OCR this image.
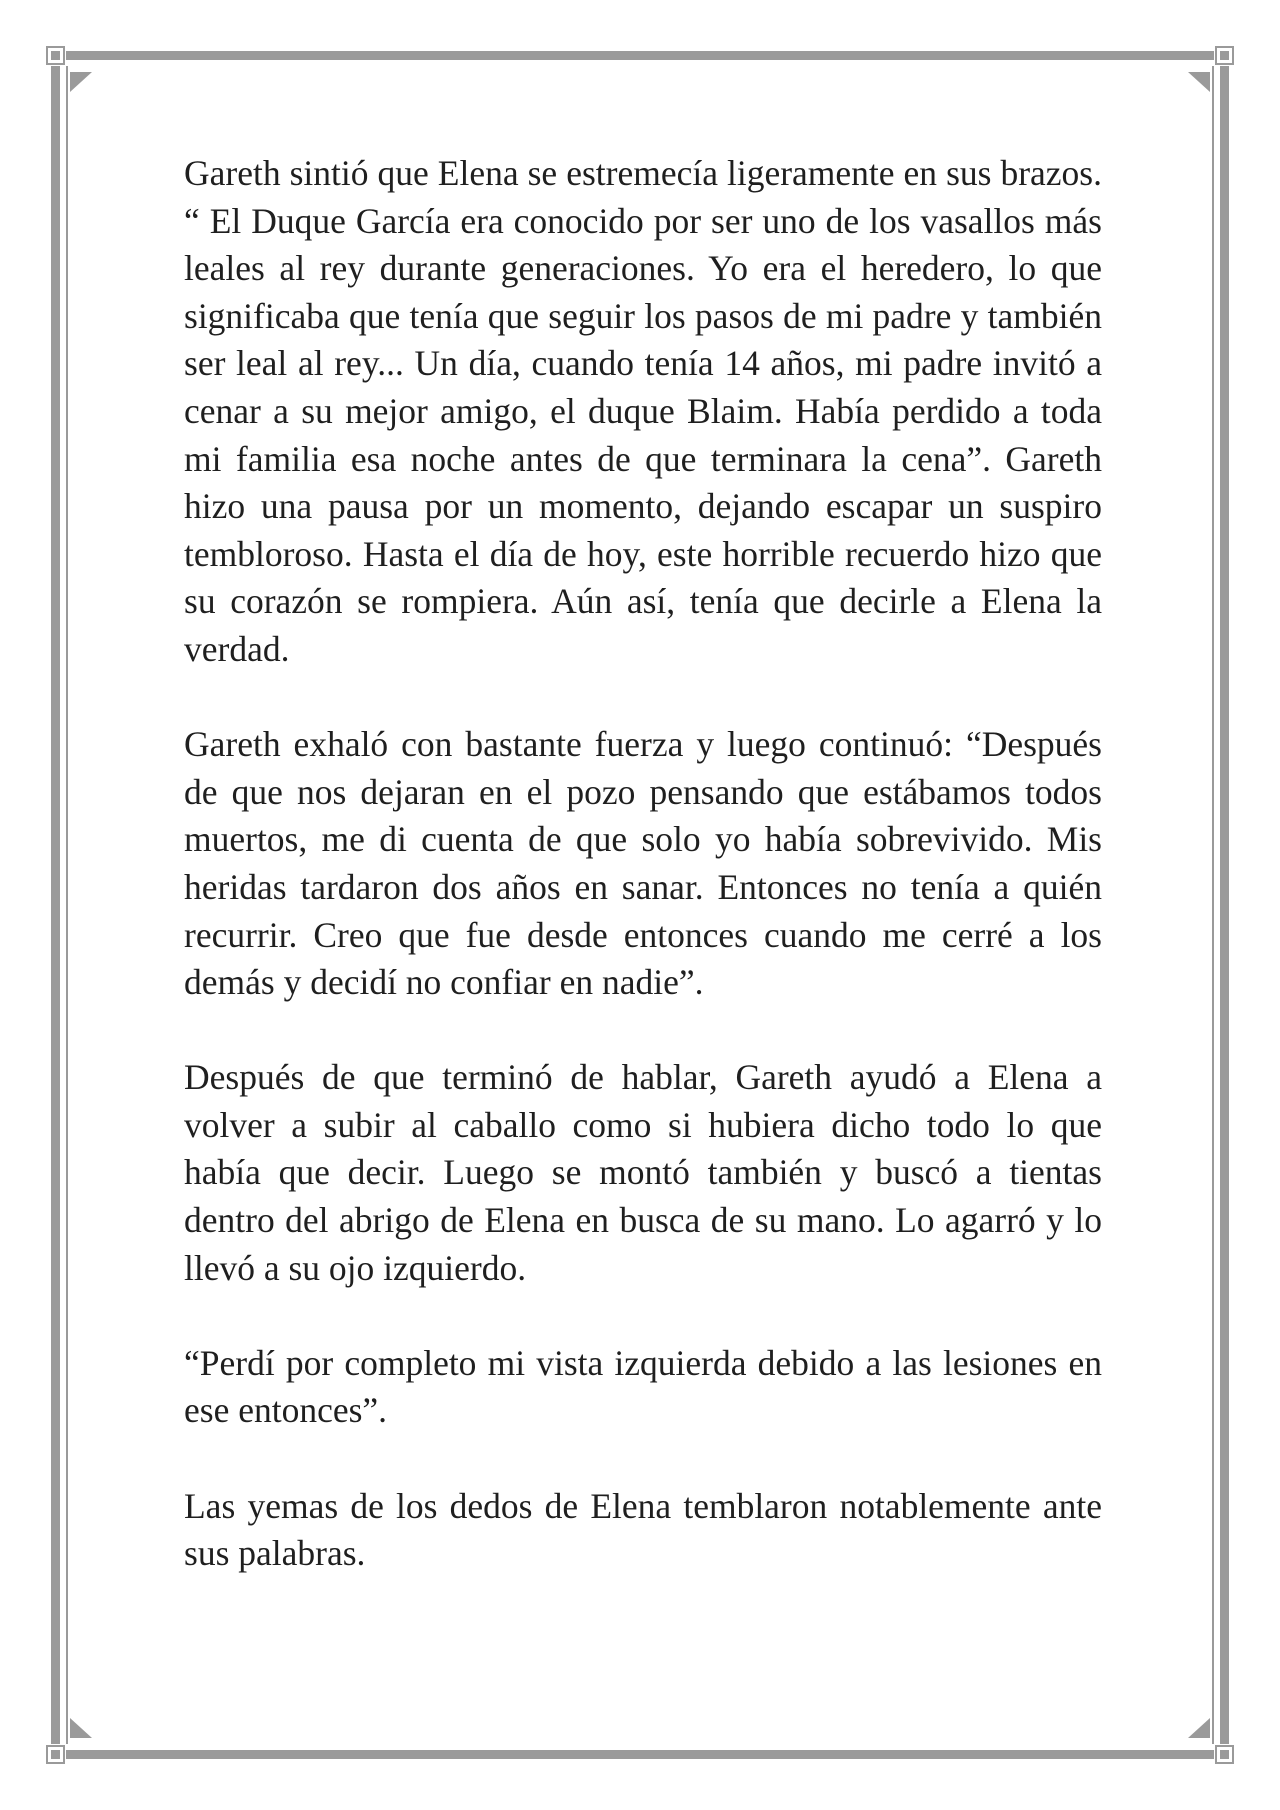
Gareth sintió que Elena se estremecía ligeramente en sus brazos. “ El Duque García era conocido por ser uno de los vasallos más leales al rey durante generaciones. Yo era el heredero, lo que significaba que tenía que seguir los pasos de mi padre y también ser leal al rey... Un día, cuando tenía 14 años, mi padre invitó a cenar a su mejor amigo, el duque Blaim. Había perdido a toda mi familia esa noche antes de que terminara la cena”. Gareth hizo una pausa por un momento, dejando escapar un suspiro tembloroso. Hasta el día de hoy, este horrible recuerdo hizo que su corazón se rompiera. Aún así, tenía que decirle a Elena la verdad.

Gareth exhaló con bastante fuerza y luego continuó: “Después de que nos dejaran en el pozo pensando que estábamos todos muertos, me di cuenta de que solo yo había sobrevivido. Mis heridas tardaron dos años en sanar. Entonces no tenía a quién recurrir. Creo que fue desde entonces cuando me cerré a los demás y decidí no confiar en nadie”.

Después de que terminó de hablar, Gareth ayudó a Elena a volver a subir al caballo como si hubiera dicho todo lo que había que decir. Luego se montó también y buscó a tientas dentro del abrigo de Elena en busca de su mano. Lo agarró y lo llevó a su ojo izquierdo.

“Perdí por completo mi vista izquierda debido a las lesiones en ese entonces”.

Las yemas de los dedos de Elena temblaron notablemente ante sus palabras.
